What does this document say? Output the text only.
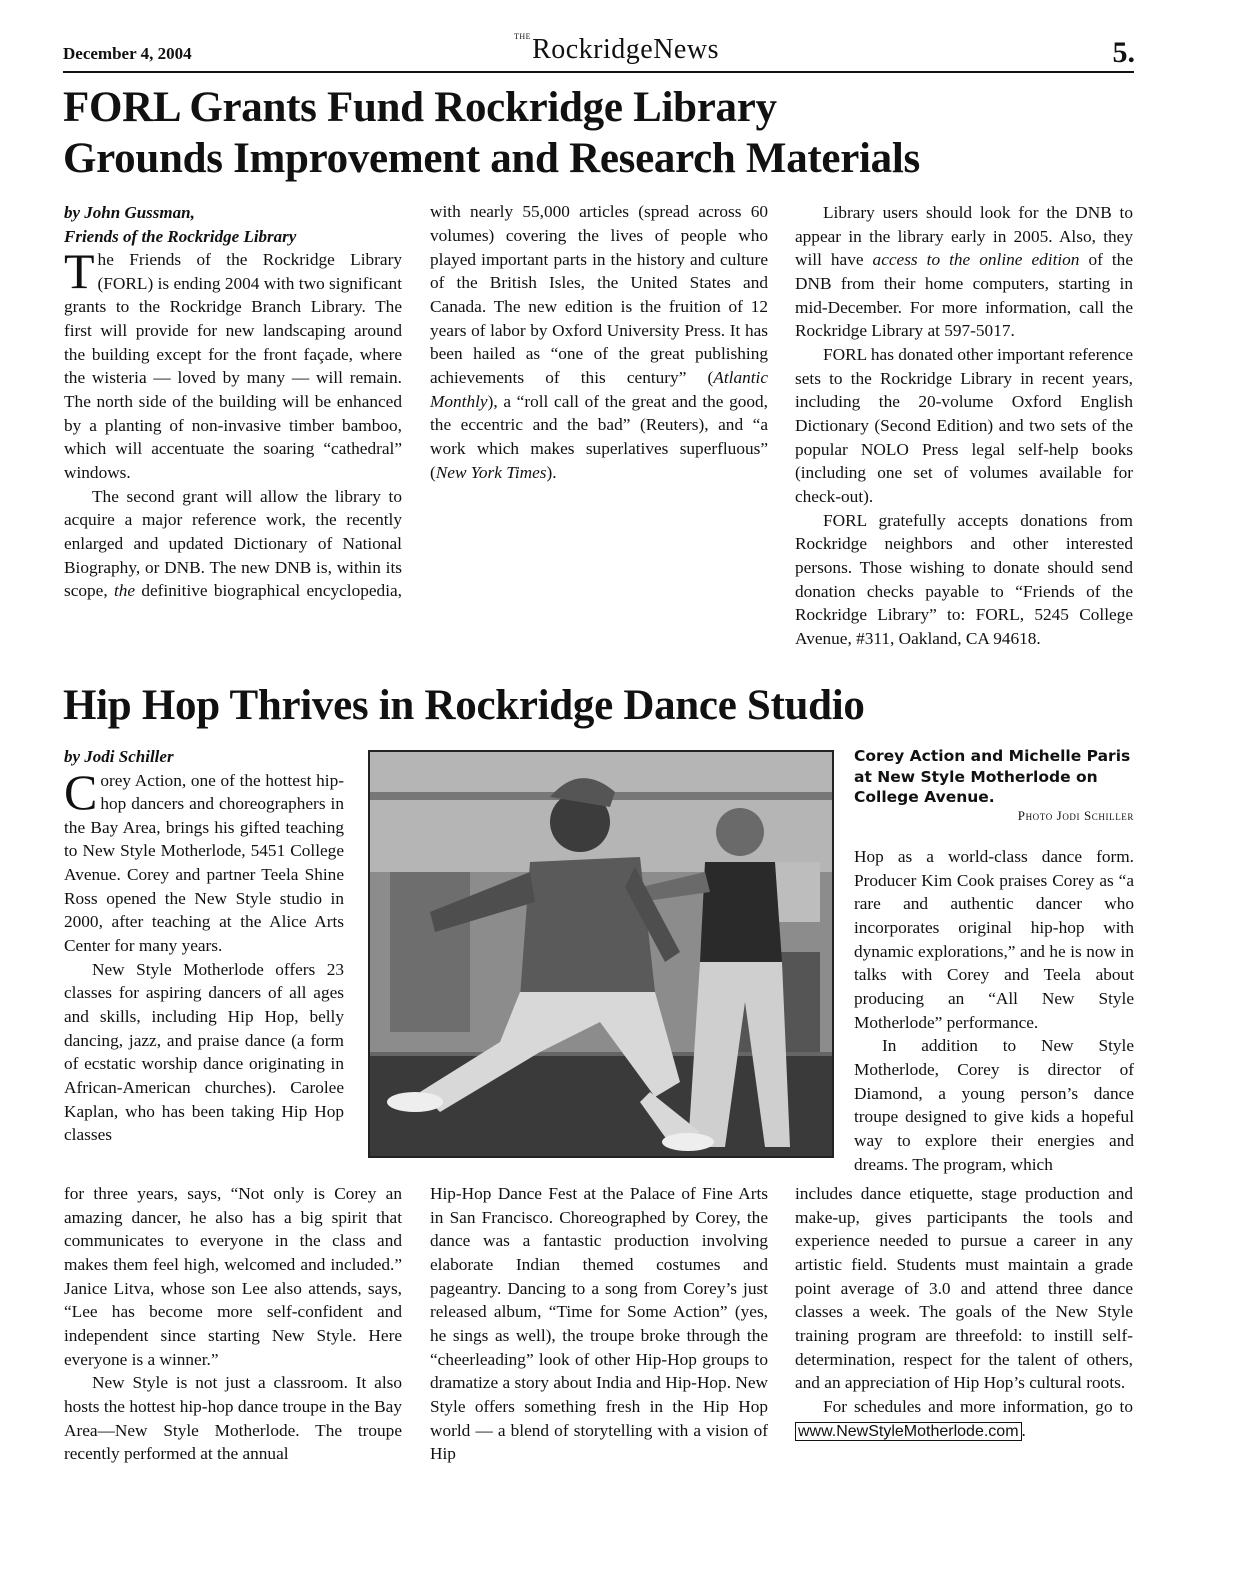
December 4, 2004
$^{THE}$RockridgeNews	5.
FORL Grants Fund Rockridge Library
Grounds Improvement and Research Materials
by John Gussman,
Friends of the Rockridge Library

The Friends of the Rockridge Library (FORL) is ending 2004 with two significant grants to the Rockridge Branch Library. The first will provide for new landscaping around the building except for the front façade, where the wisteria — loved by many — will remain. The north side of the building will be enhanced by a planting of non-invasive timber bamboo, which will accentuate the soaring “cathedral” windows.

The second grant will allow the library to acquire a major reference work, the recently enlarged and updated Dictionary of National Biography, or DNB. The new DNB is, within its scope, the definitive biographical encyclopedia,

with nearly 55,000 articles (spread across 60 volumes) covering the lives of people who played important parts in the history and culture of the British Isles, the United States and Canada. The new edition is the fruition of 12 years of labor by Oxford University Press. It has been hailed as “one of the great publishing achievements of this century” (Atlantic Monthly), a “roll call of the great and the good, the eccentric and the bad” (Reuters), and “a work which makes superlatives superfluous” (New York Times).

Library users should look for the DNB to appear in the library early in 2005. Also, they will have access to the online edition of the DNB from their home computers, starting in mid-December. For more information, call the Rockridge Library at 597-5017.

FORL has donated other important reference sets to the Rockridge Library in recent years, including the 20-volume Oxford English Dictionary (Second Edition) and two sets of the popular NOLO Press legal self-help books (including one set of volumes available for check-out).

FORL gratefully accepts donations from Rockridge neighbors and other interested persons. Those wishing to donate should send donation checks payable to “Friends of the Rockridge Library” to: FORL, 5245 College Avenue, #311, Oakland, CA 94618.

Hip Hop Thrives in Rockridge Dance Studio
by Jodi Schiller

Corey Action, one of the hottest hip-hop dancers and choreographers in the Bay Area, brings his gifted teaching to New Style Motherlode, 5451 College Avenue. Corey and partner Teela Shine Ross opened the New Style studio in 2000, after teaching at the Alice Arts Center for many years.

New Style Motherlode offers 23 classes for aspiring dancers of all ages and skills, including Hip Hop, belly dancing, jazz, and praise dance (a form of ecstatic worship dance originating in African-American churches). Carolee Kaplan, who has been taking Hip Hop classes

for three years, says, “Not only is Corey an amazing dancer, he also has a big spirit that communicates to everyone in the class and makes them feel high, welcomed and included.” Janice Litva, whose son Lee also attends, says, “Lee has become more self-confident and independent since starting New Style. Here everyone is a winner.”

New Style is not just a classroom. It also hosts the hottest hip-hop dance troupe in the Bay Area—New Style Motherlode. The troupe recently performed at the annual

Corey Action and Michelle Paris at New Style Motherlode on College Avenue.
Photo Jodi Schiller

Hip-Hop Dance Fest at the Palace of Fine Arts in San Francisco. Choreographed by Corey, the dance was a fantastic production involving elaborate Indian themed costumes and pageantry. Dancing to a song from Corey’s just released album, “Time for Some Action” (yes, he sings as well), the troupe broke through the “cheerleading” look of other Hip-Hop groups to dramatize a story about India and Hip-Hop. New Style offers something fresh in the Hip Hop world — a blend of storytelling with a vision of Hip

Hop as a world-class dance form. Producer Kim Cook praises Corey as “a rare and authentic dancer who incorporates original hip-hop with dynamic explorations,” and he is now in talks with Corey and Teela about producing an “All New Style Motherlode” performance.

In addition to New Style Motherlode, Corey is director of Diamond, a young person’s dance troupe designed to give kids a hopeful way to explore their energies and dreams. The program, which

includes dance etiquette, stage production and make-up, gives participants the tools and experience needed to pursue a career in any artistic field. Students must maintain a grade point average of 3.0 and attend three dance classes a week. The goals of the New Style training program are threefold: to instill self-determination, respect for the talent of others, and an appreciation of Hip Hop’s cultural roots.

For schedules and more information, go to www.NewStyleMotherlode.com .
